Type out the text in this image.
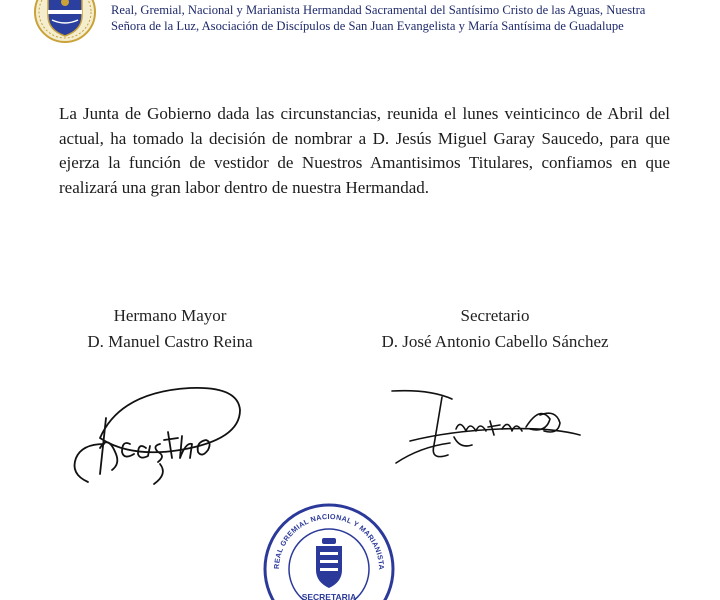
Real, Gremial, Nacional y Marianista Hermandad Sacramental del Santísimo Cristo de las Aguas, Nuestra
Señora de la Luz, Asociación de Discípulos de San Juan Evangelista y María Santísima de Guadalupe
La Junta de Gobierno dada las circunstancias, reunida el lunes veinticinco de Abril del actual, ha tomado la decisión de nombrar a D. Jesús Miguel Garay Saucedo, para que ejerza la función de vestidor de Nuestros Amantisimos Titulares, confiamos en que realizará una gran labor dentro de nuestra Hermandad.
Hermano Mayor
D. Manuel Castro Reina
Secretario
D. José Antonio Cabello Sánchez
REAL GREMIAL NACIONAL Y MARIANISTA
SECRETARIA
